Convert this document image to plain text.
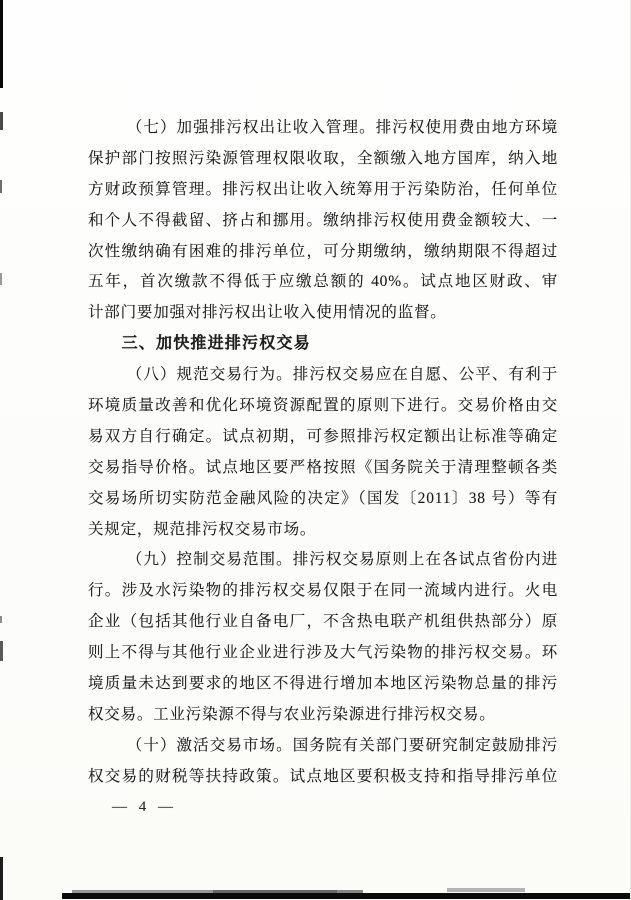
（七）加强排污权出让收入管理。排污权使用费由地方环境
保护部门按照污染源管理权限收取，全额缴入地方国库，纳入地
方财政预算管理。排污权出让收入统筹用于污染防治，任何单位
和个人不得截留、挤占和挪用。缴纳排污权使用费金额较大、一
次性缴纳确有困难的排污单位，可分期缴纳，缴纳期限不得超过
五年，首次缴款不得低于应缴总额的 40%。试点地区财政、审
计部门要加强对排污权出让收入使用情况的监督。
三、加快推进排污权交易
（八）规范交易行为。排污权交易应在自愿、公平、有利于
环境质量改善和优化环境资源配置的原则下进行。交易价格由交
易双方自行确定。试点初期，可参照排污权定额出让标准等确定
交易指导价格。试点地区要严格按照《国务院关于清理整顿各类
交易场所切实防范金融风险的决定》（国发〔2011〕38 号）等有
关规定，规范排污权交易市场。
（九）控制交易范围。排污权交易原则上在各试点省份内进
行。涉及水污染物的排污权交易仅限于在同一流域内进行。火电
企业（包括其他行业自备电厂，不含热电联产机组供热部分）原
则上不得与其他行业企业进行涉及大气污染物的排污权交易。环
境质量未达到要求的地区不得进行增加本地区污染物总量的排污
权交易。工业污染源不得与农业污染源进行排污权交易。
（十）激活交易市场。国务院有关部门要研究制定鼓励排污
权交易的财税等扶持政策。试点地区要积极支持和指导排污单位
— 4 —
